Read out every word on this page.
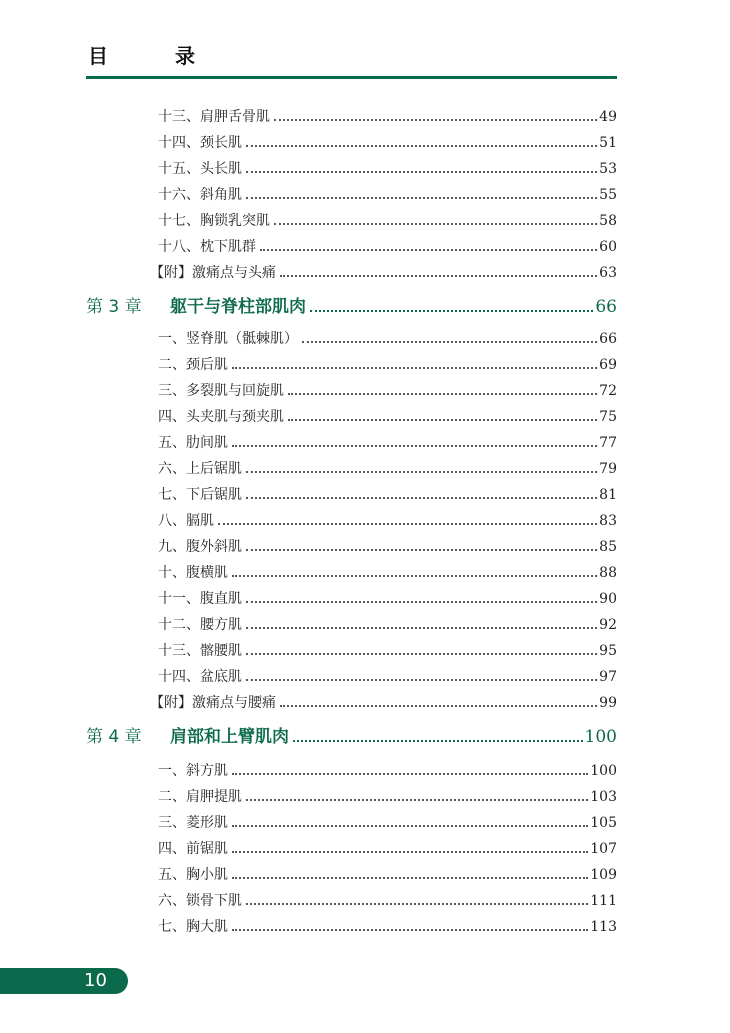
目 录
十三、肩胛舌骨肌	49
十四、颈长肌	51
十五、头长肌	53
十六、斜角肌	55
十七、胸锁乳突肌	58
十八、枕下肌群	60
【附】激痛点与头痛	63
第 3 章	躯干与脊柱部肌肉	66
一、竖脊肌（骶棘肌）	66
二、颈后肌	69
三、多裂肌与回旋肌	72
四、头夹肌与颈夹肌	75
五、肋间肌	77
六、上后锯肌	79
七、下后锯肌	81
八、膈肌	83
九、腹外斜肌	85
十、腹横肌	88
十一、腹直肌	90
十二、腰方肌	92
十三、髂腰肌	95
十四、盆底肌	97
【附】激痛点与腰痛	99
第 4 章	肩部和上臂肌肉	100
一、斜方肌	100
二、肩胛提肌	103
三、菱形肌	105
四、前锯肌	107
五、胸小肌	109
六、锁骨下肌	111
七、胸大肌	113
10
